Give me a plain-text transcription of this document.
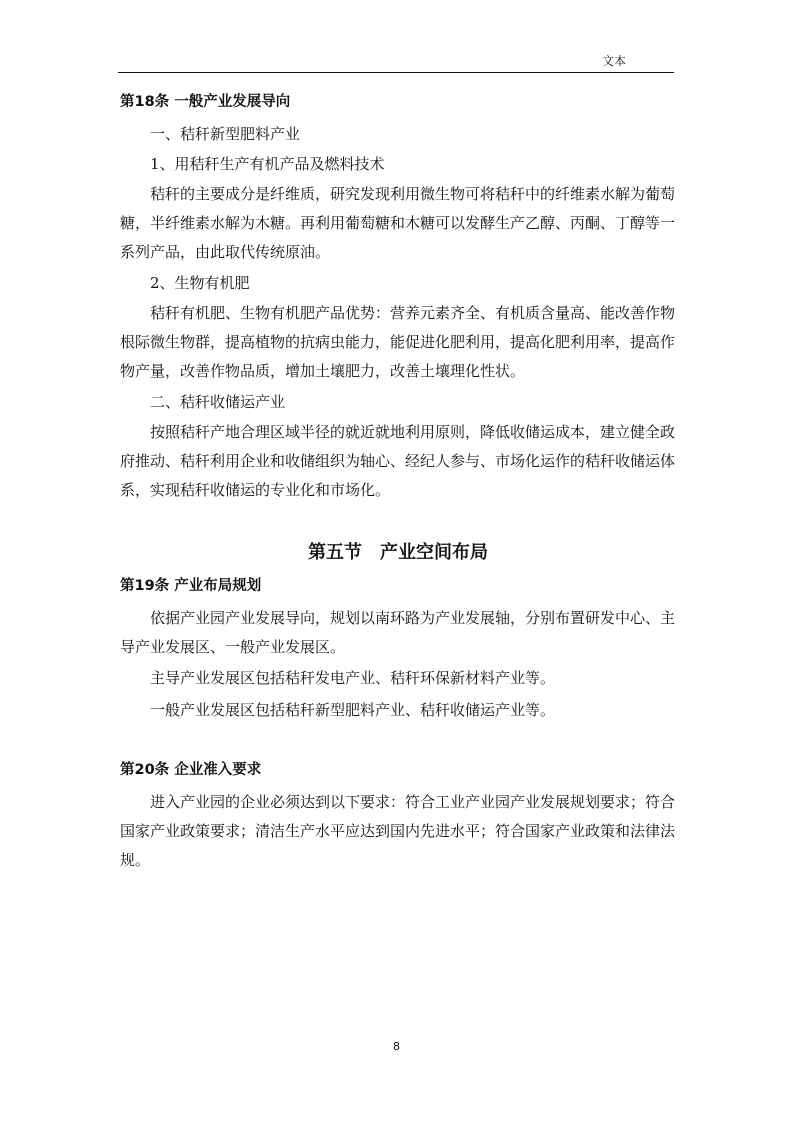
文本

第18条 一般产业发展导向

一、秸秆新型肥料产业

1、用秸秆生产有机产品及燃料技术

秸秆的主要成分是纤维质，研究发现利用微生物可将秸秆中的纤维素水解为葡萄糖，半纤维素水解为木糖。再利用葡萄糖和木糖可以发酵生产乙醇、丙酮、丁醇等一系列产品，由此取代传统原油。

2、生物有机肥

秸秆有机肥、生物有机肥产品优势：营养元素齐全、有机质含量高、能改善作物根际微生物群，提高植物的抗病虫能力，能促进化肥利用，提高化肥利用率，提高作物产量，改善作物品质，增加土壤肥力，改善土壤理化性状。

二、秸秆收储运产业

按照秸秆产地合理区域半径的就近就地利用原则，降低收储运成本，建立健全政府推动、秸秆利用企业和收储组织为轴心、经纪人参与、市场化运作的秸秆收储运体系，实现秸秆收储运的专业化和市场化。

第五节　产业空间布局

第19条 产业布局规划

依据产业园产业发展导向，规划以南环路为产业发展轴，分别布置研发中心、主导产业发展区、一般产业发展区。

主导产业发展区包括秸秆发电产业、秸秆环保新材料产业等。

一般产业发展区包括秸秆新型肥料产业、秸秆收储运产业等。

第20条 企业准入要求

进入产业园的企业必须达到以下要求：符合工业产业园产业发展规划要求；符合国家产业政策要求；清洁生产水平应达到国内先进水平；符合国家产业政策和法律法规。

8
